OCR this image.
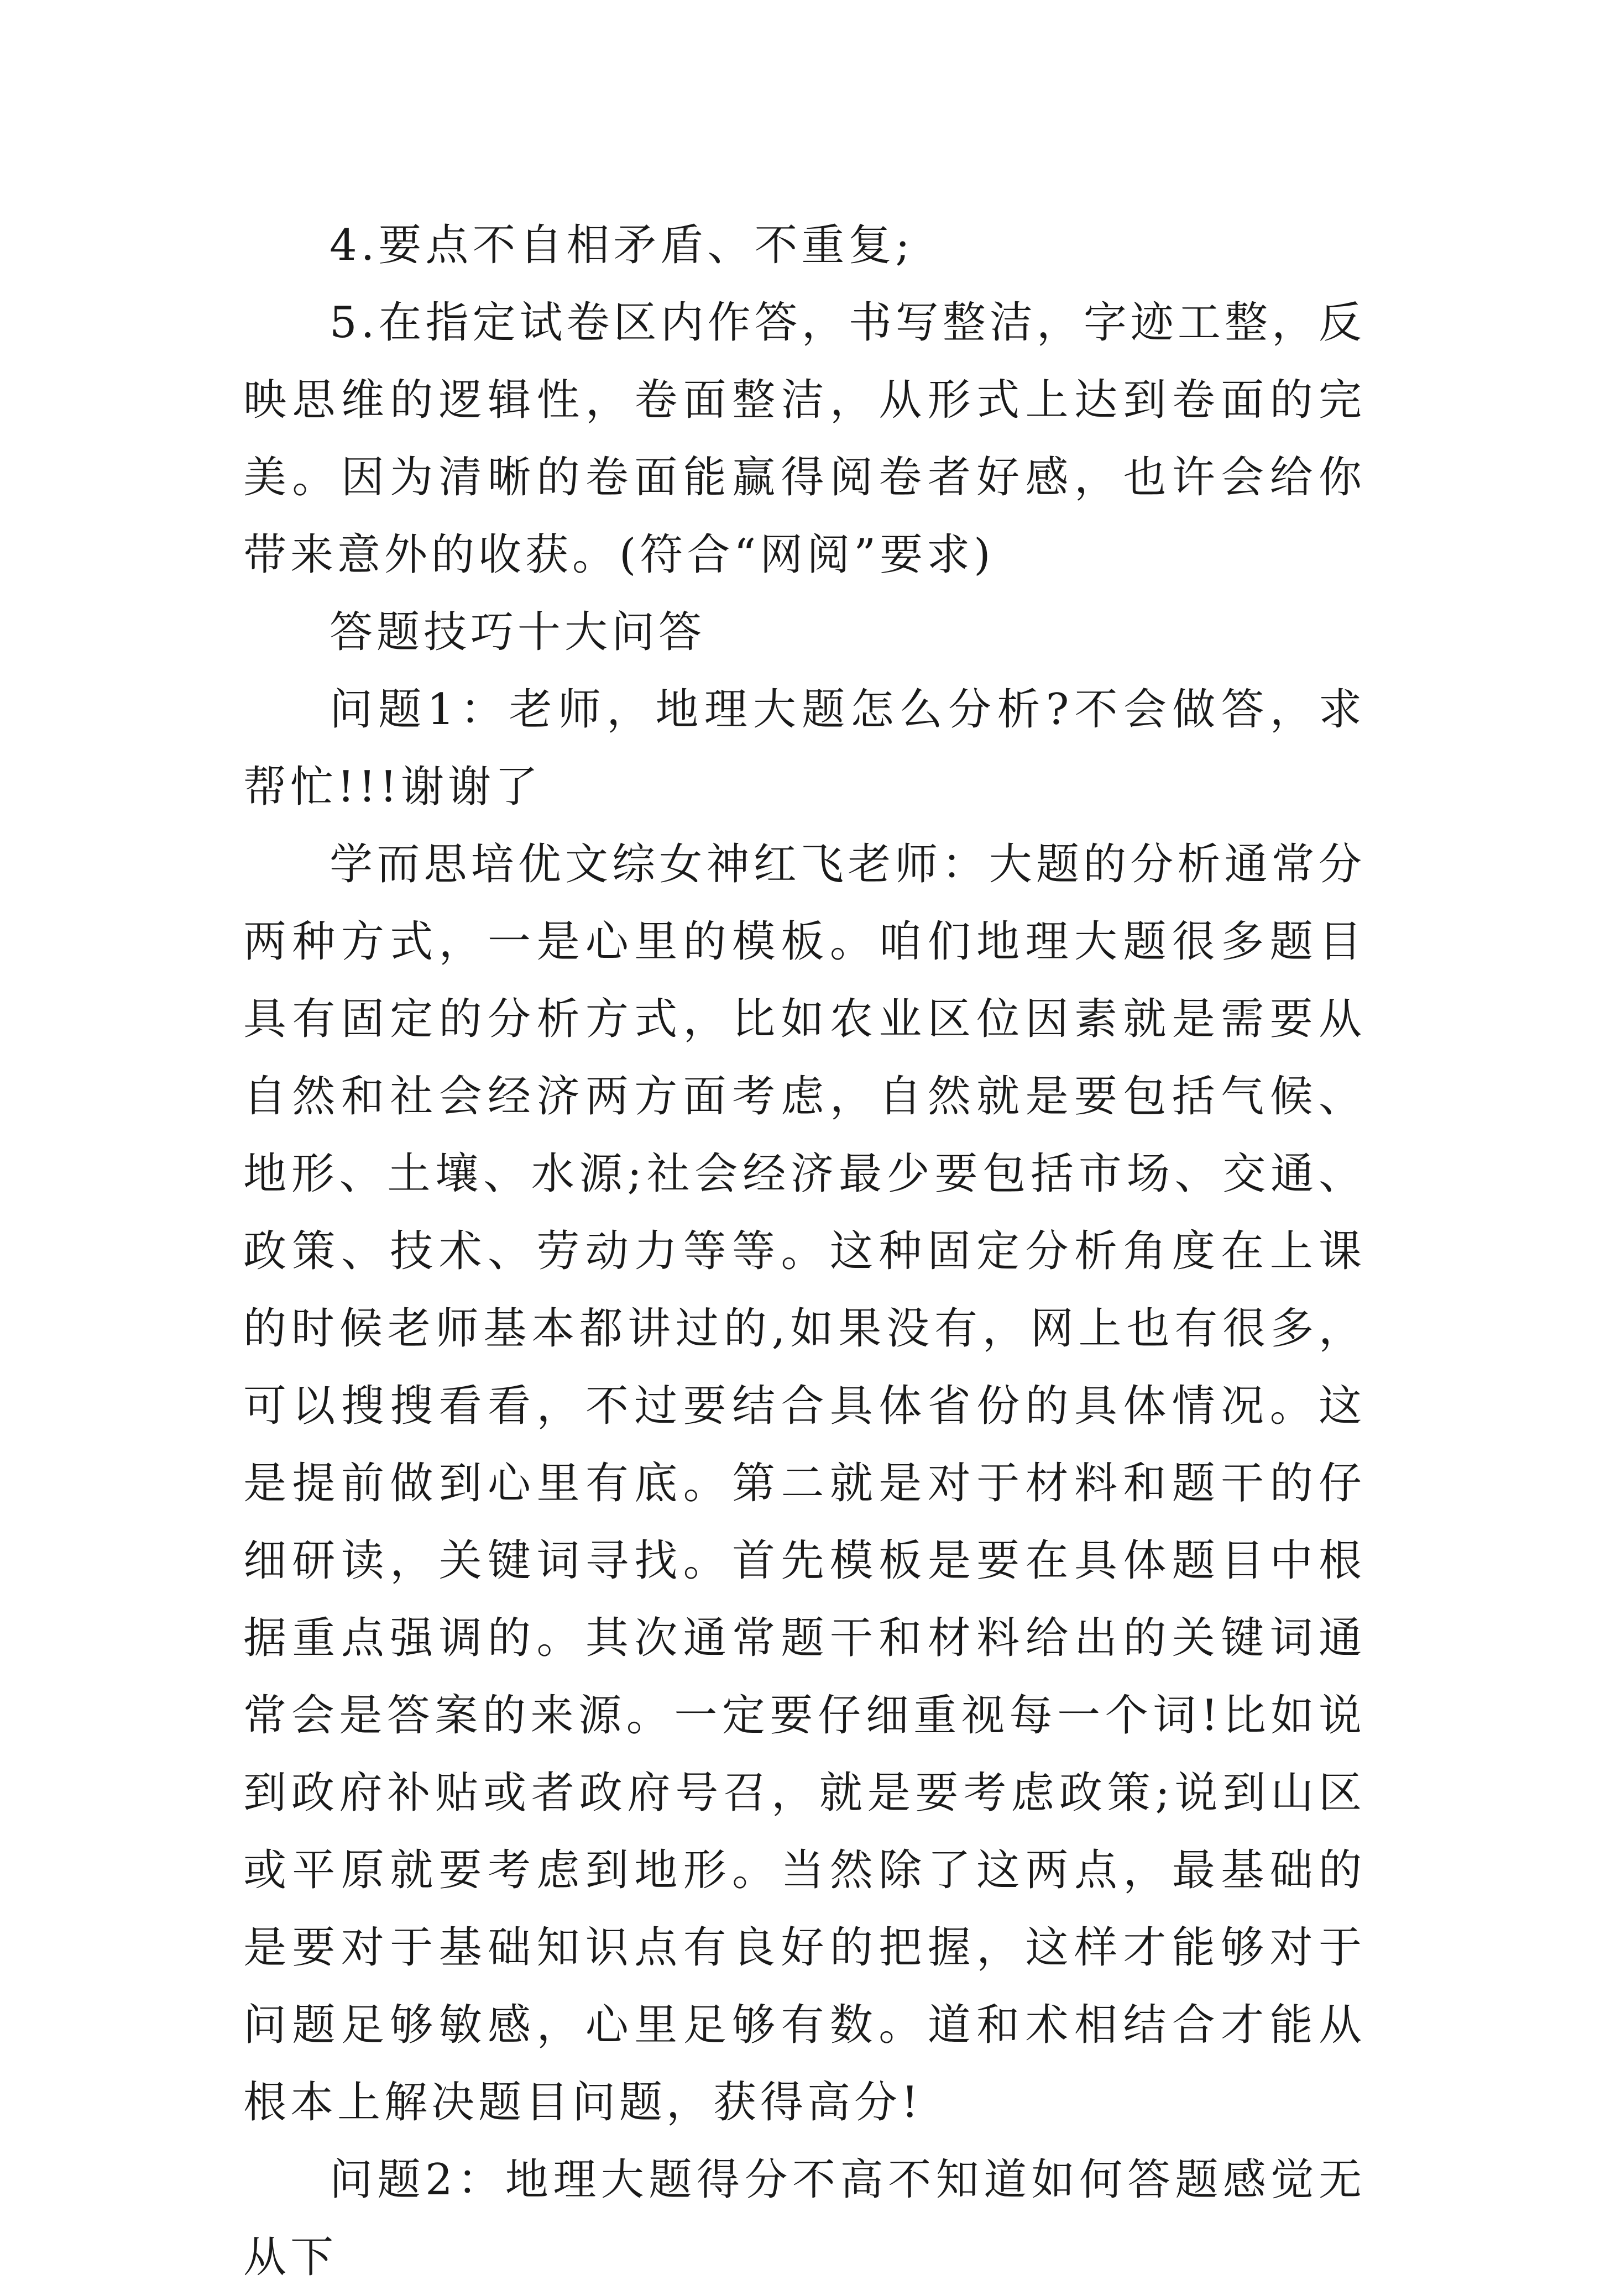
4.要点不自相矛盾、不重复;

5.在指定试卷区内作答，书写整洁，字迹工整，反映思维的逻辑性，卷面整洁，从形式上达到卷面的完美。因为清晰的卷面能赢得阅卷者好感，也许会给你带来意外的收获。(符合“网阅”要求)

答题技巧十大问答

问题1：老师，地理大题怎么分析?不会做答，求帮忙!!!谢谢了

学而思培优文综女神红飞老师：大题的分析通常分两种方式，一是心里的模板。咱们地理大题很多题目具有固定的分析方式，比如农业区位因素就是需要从自然和社会经济两方面考虑，自然就是要包括气候、地形、土壤、水源;社会经济最少要包括市场、交通、政策、技术、劳动力等等。这种固定分析角度在上课的时候老师基本都讲过的,如果没有，网上也有很多，可以搜搜看看，不过要结合具体省份的具体情况。这是提前做到心里有底。第二就是对于材料和题干的仔细研读，关键词寻找。首先模板是要在具体题目中根据重点强调的。其次通常题干和材料给出的关键词通常会是答案的来源。一定要仔细重视每一个词!比如说到政府补贴或者政府号召，就是要考虑政策;说到山区或平原就要考虑到地形。当然除了这两点，最基础的是要对于基础知识点有良好的把握，这样才能够对于问题足够敏感，心里足够有数。道和术相结合才能从根本上解决题目问题，获得高分!

问题2：地理大题得分不高不知道如何答题感觉无从下
